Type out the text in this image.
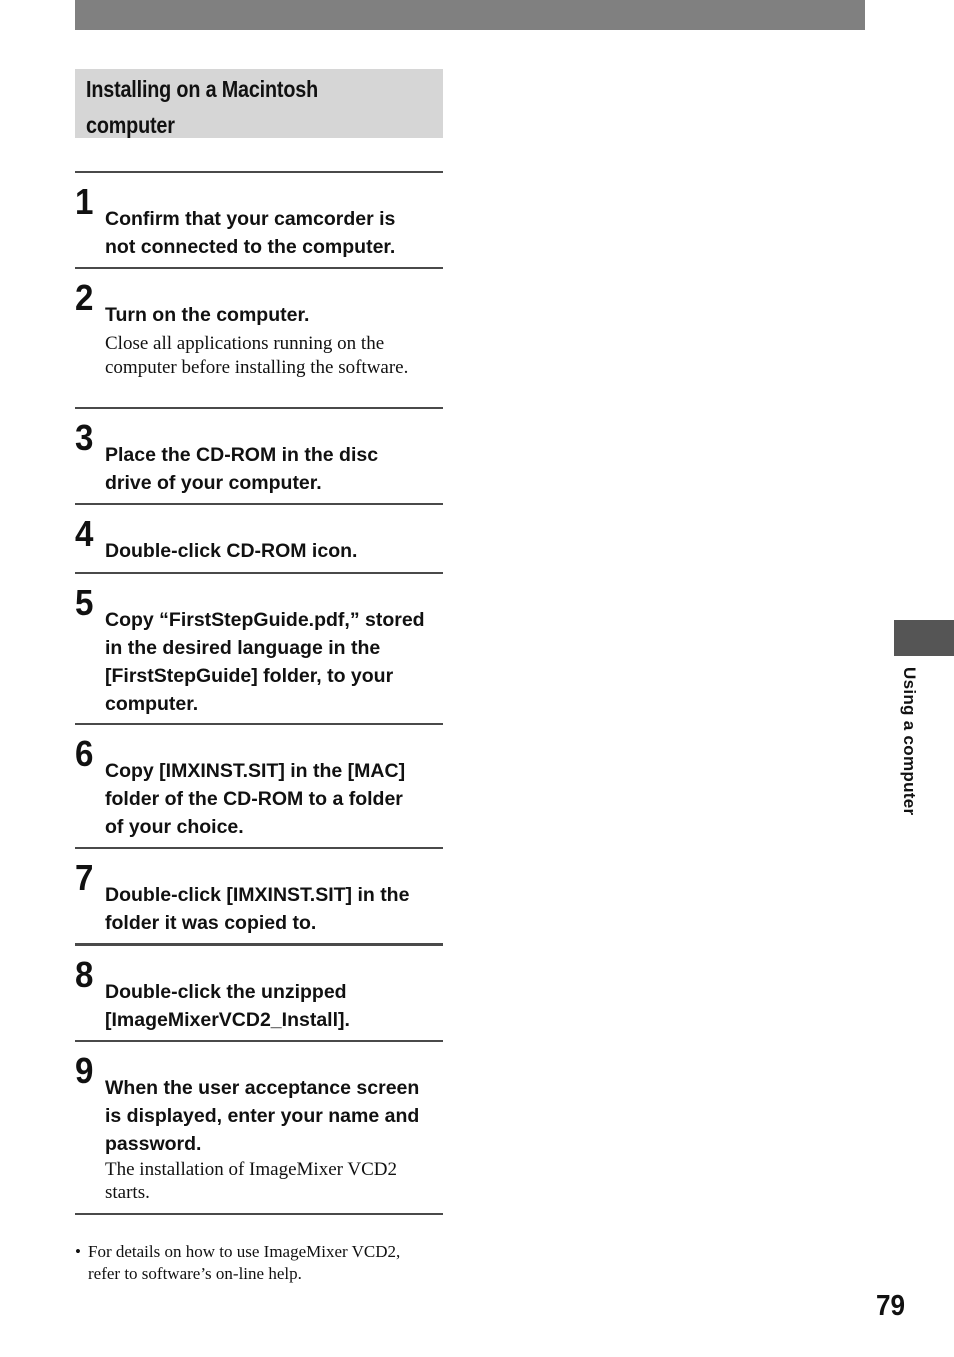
Installing on a Macintosh
computer
1 Confirm that your camcorder is
not connected to the computer.
2 Turn on the computer.
Close all applications running on the
computer before installing the software.
3 Place the CD-ROM in the disc
drive of your computer.
4 Double-click CD-ROM icon.
5 Copy “FirstStepGuide.pdf,” stored
in the desired language in the
[FirstStepGuide] folder, to your
computer.
6 Copy [IMXINST.SIT] in the [MAC]
folder of the CD-ROM to a folder
of your choice.
7 Double-click [IMXINST.SIT] in the
folder it was copied to.
8 Double-click the unzipped
[ImageMixerVCD2_Install].
9 When the user acceptance screen
is displayed, enter your name and
password.
The installation of ImageMixer VCD2
starts.
• For details on how to use ImageMixer VCD2,
refer to software’s on-line help.
Using a computer
79
